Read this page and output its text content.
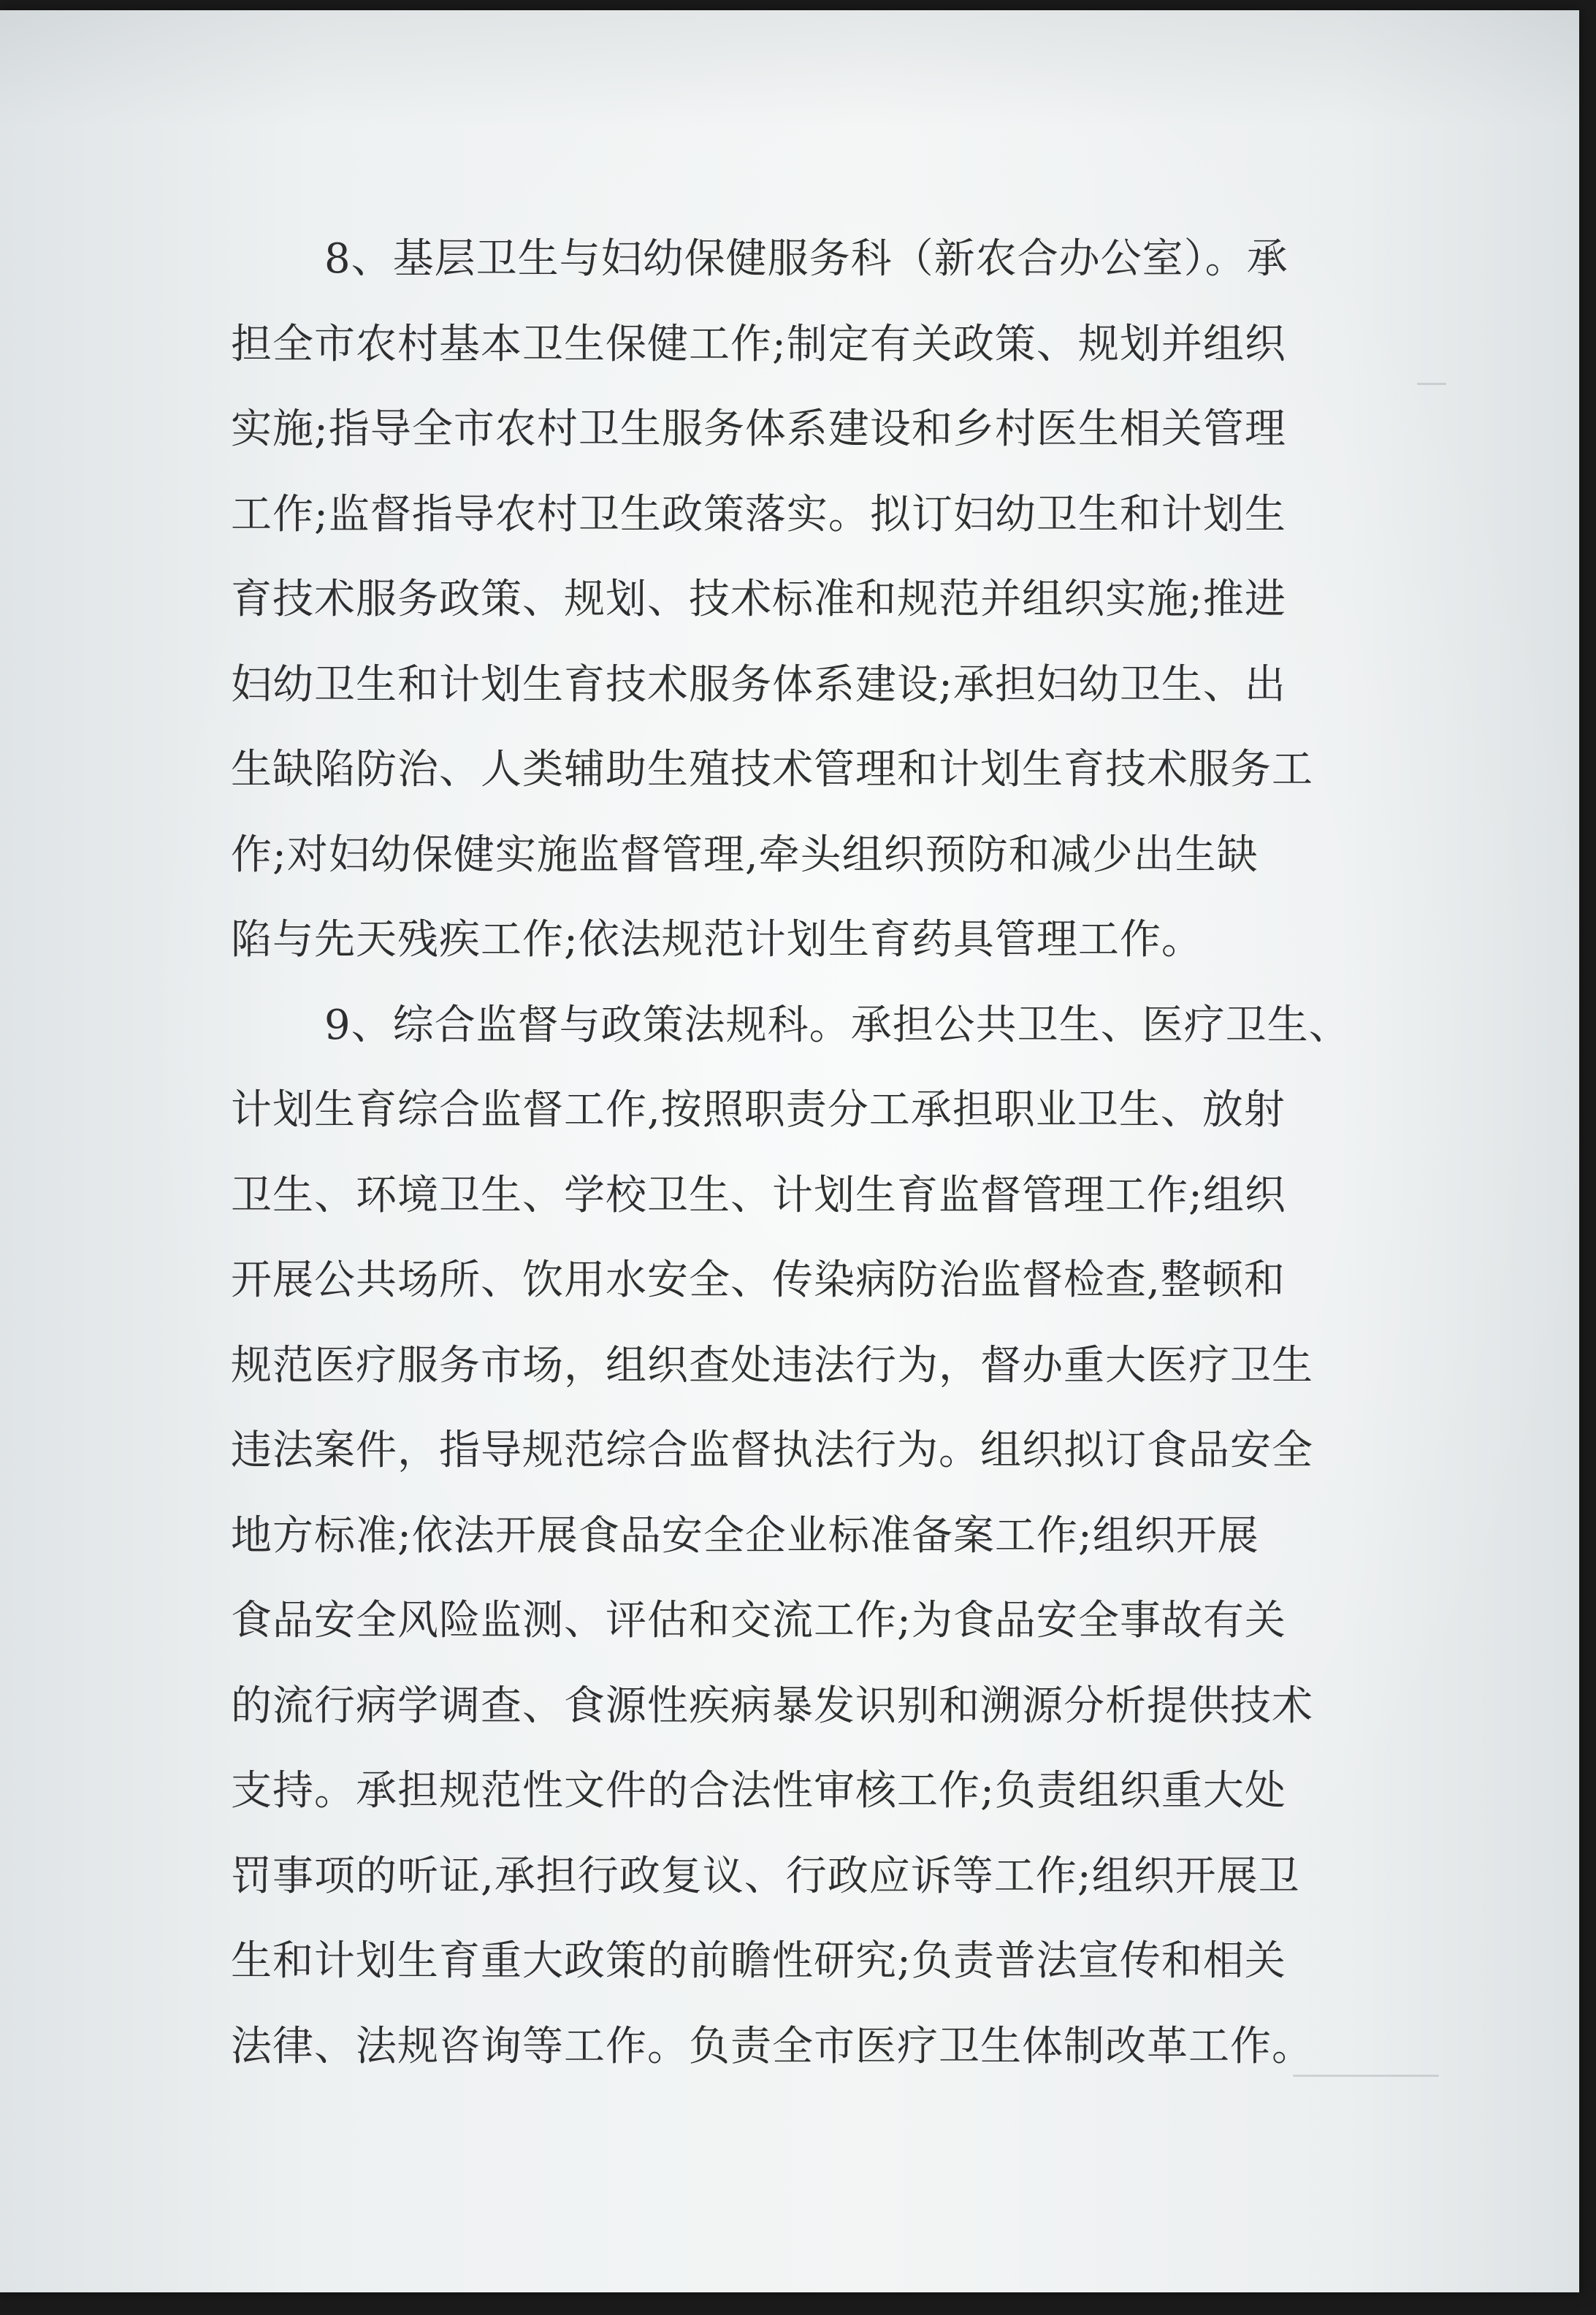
8、基层卫生与妇幼保健服务科（新农合办公室）。承
担全市农村基本卫生保健工作;制定有关政策、规划并组织
实施;指导全市农村卫生服务体系建设和乡村医生相关管理
工作;监督指导农村卫生政策落实。拟订妇幼卫生和计划生
育技术服务政策、规划、技术标准和规范并组织实施;推进
妇幼卫生和计划生育技术服务体系建设;承担妇幼卫生、出
生缺陷防治、人类辅助生殖技术管理和计划生育技术服务工
作;对妇幼保健实施监督管理,牵头组织预防和减少出生缺
陷与先天残疾工作;依法规范计划生育药具管理工作。
9、综合监督与政策法规科。承担公共卫生、医疗卫生、
计划生育综合监督工作,按照职责分工承担职业卫生、放射
卫生、环境卫生、学校卫生、计划生育监督管理工作;组织
开展公共场所、饮用水安全、传染病防治监督检查,整顿和
规范医疗服务市场，组织查处违法行为，督办重大医疗卫生
违法案件，指导规范综合监督执法行为。组织拟订食品安全
地方标准;依法开展食品安全企业标准备案工作;组织开展
食品安全风险监测、评估和交流工作;为食品安全事故有关
的流行病学调查、食源性疾病暴发识别和溯源分析提供技术
支持。承担规范性文件的合法性审核工作;负责组织重大处
罚事项的听证,承担行政复议、行政应诉等工作;组织开展卫
生和计划生育重大政策的前瞻性研究;负责普法宣传和相关
法律、法规咨询等工作。负责全市医疗卫生体制改革工作。
